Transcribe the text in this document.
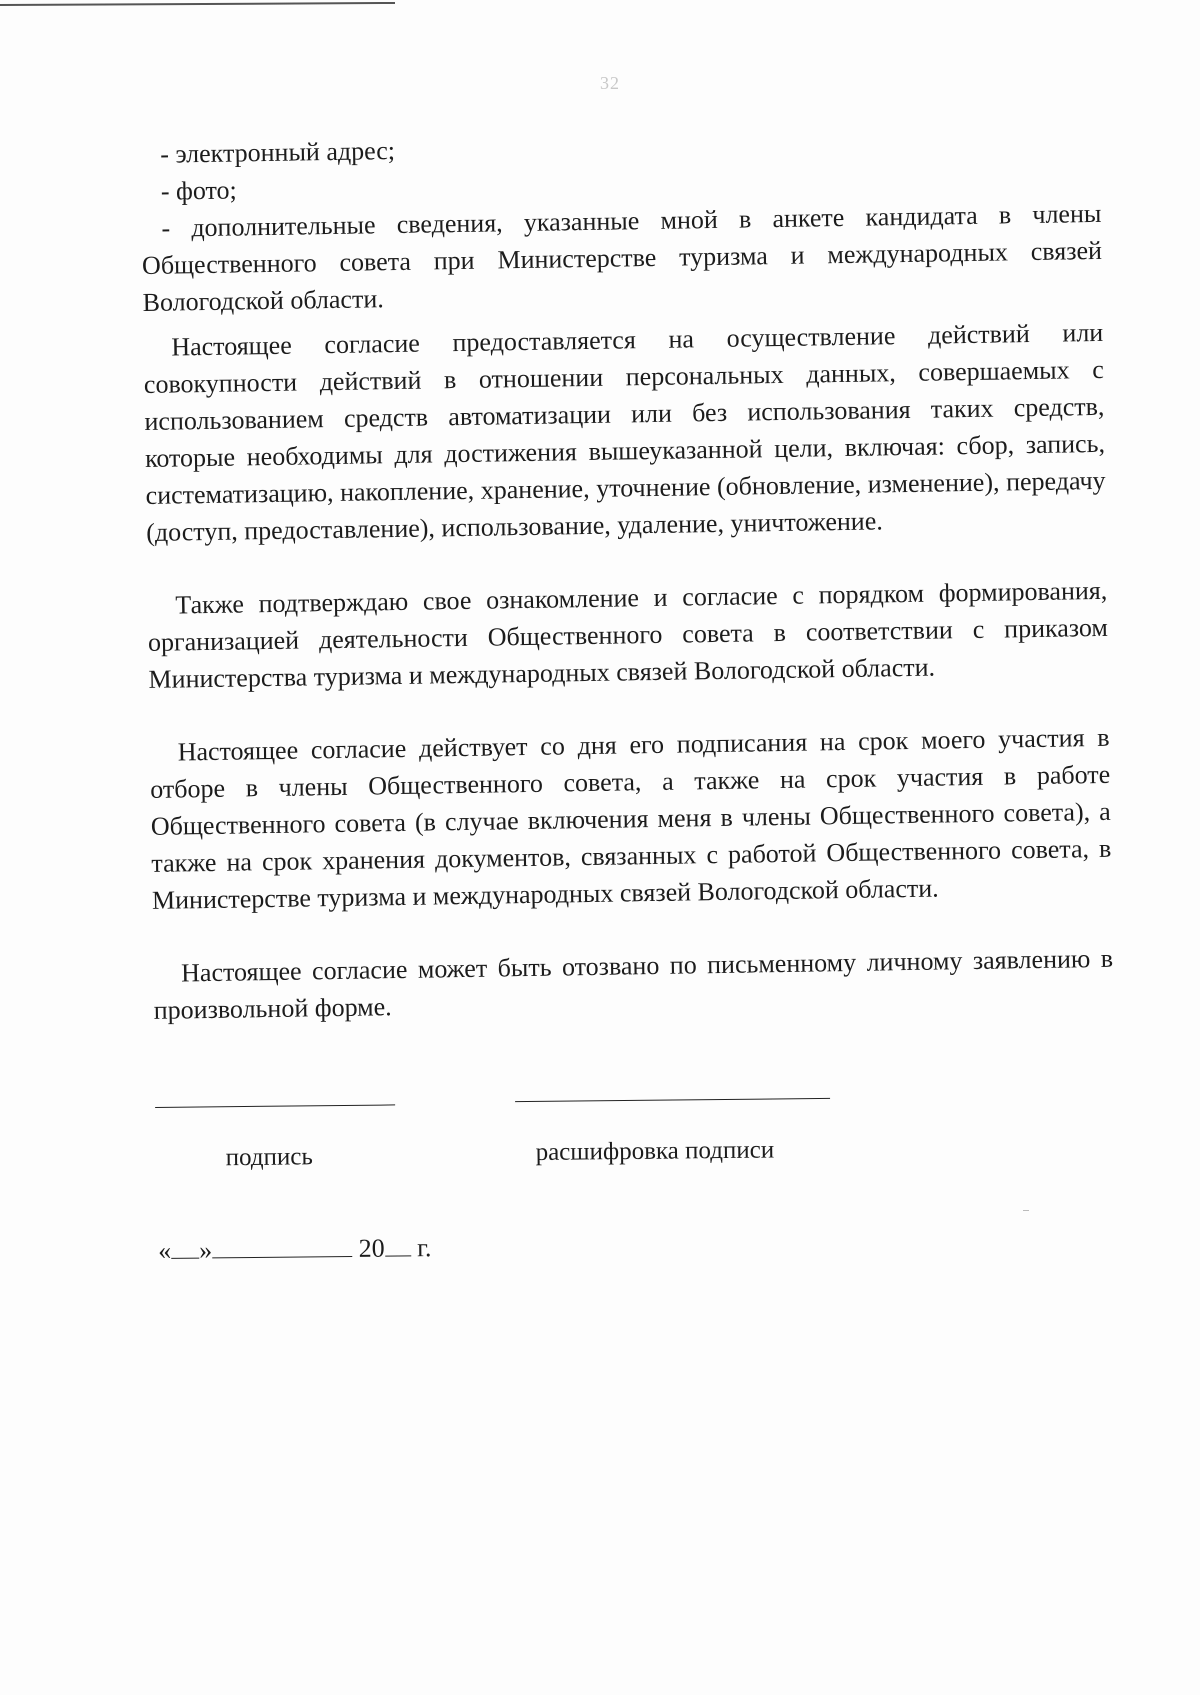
32

- электронный адрес;

- фото;

- дополнительные сведения, указанные мной в анкете кандидата в члены Общественного совета при Министерстве туризма и международных связей Вологодской области.

Настоящее согласие предоставляется на осуществление действий или совокупности действий в отношении персональных данных, совершаемых с использованием средств автоматизации или без использования таких средств, которые необходимы для достижения вышеуказанной цели, включая: сбор, запись, систематизацию, накопление, хранение, уточнение (обновление, изменение), передачу (доступ, предоставление), использование, удаление, уничтожение.

Также подтверждаю свое ознакомление и согласие с порядком формирования, организацией деятельности Общественного совета в соответствии с приказом Министерства туризма и международных связей Вологодской области.

Настоящее согласие действует со дня его подписания на срок моего участия в отборе в члены Общественного совета, а также на срок участия в работе Общественного совета (в случае включения меня в члены Общественного совета), а также на срок хранения документов, связанных с работой Общественного совета, в Министерстве туризма и международных связей Вологодской области.

Настоящее согласие может быть отозвано по письменному личному заявлению в произвольной форме.

подпись	расшифровка подписи
« »	20 г.
